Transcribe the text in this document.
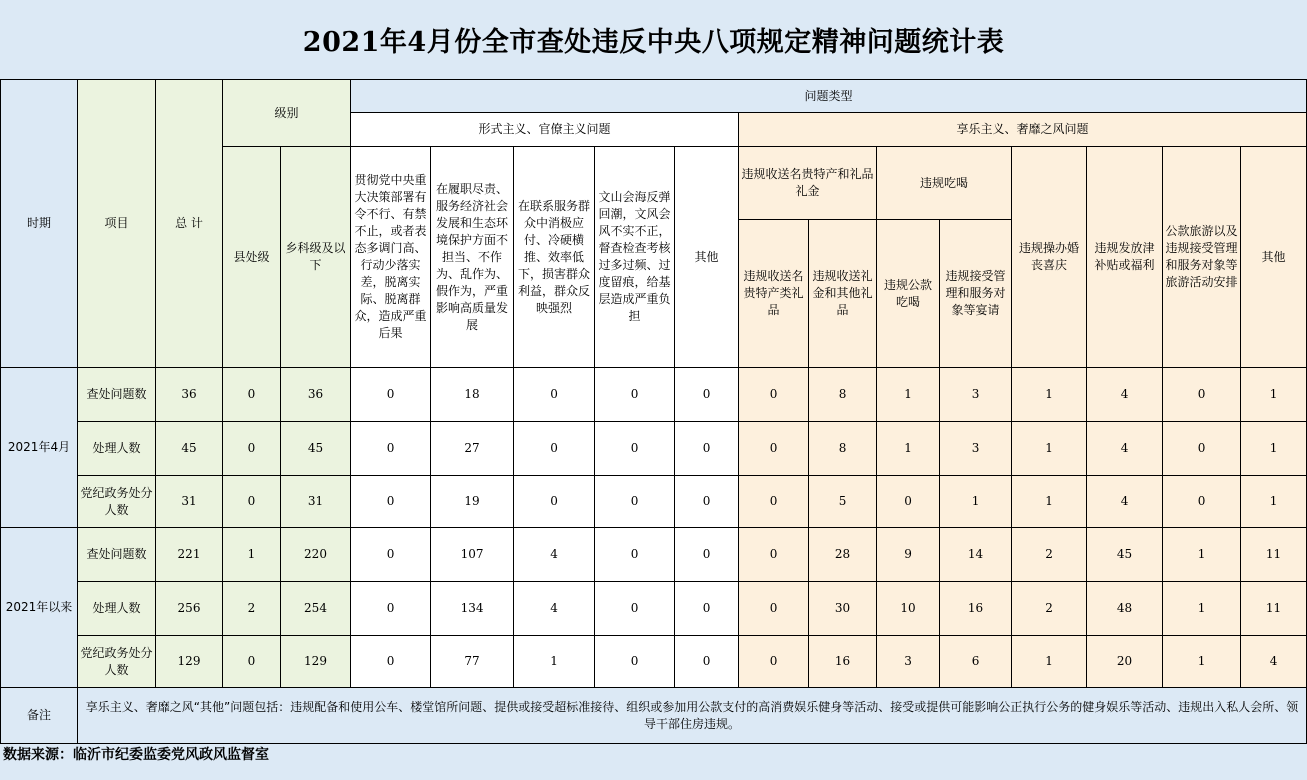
2021年4月份全市查处违反中央八项规定精神问题统计表
时期	项目	总 计	级别		问题类型												
					形式主义、官僚主义问题					享乐主义、奢靡之风问题							
			县处级	乡科级及以下	贯彻党中央重大决策部署有令不行、有禁不止，或者表态多调门高、行动少落实差，脱离实际、脱离群众，造成严重后果	在履职尽责、服务经济社会发展和生态环境保护方面不担当、不作为、乱作为、假作为，严重影响高质量发展	在联系服务群众中消极应付、冷硬横推、效率低下，损害群众利益，群众反映强烈	文山会海反弹回潮，文风会风不实不正，督查检查考核过多过频、过度留痕，给基层造成严重负担	其他	违规收送名贵特产和礼品礼金		违规吃喝		违规操办婚丧喜庆	违规发放津补贴或福利	公款旅游以及违规接受管理和服务对象等旅游活动安排	其他
										违规收送名贵特产类礼品	违规收送礼金和其他礼品	违规公款吃喝	违规接受管理和服务对象等宴请				
2021年4月	查处问题数	36	0	36	0	18	0	0	0	0	8	1	3	1	4	0	1
	处理人数	45	0	45	0	27	0	0	0	0	8	1	3	1	4	0	1
	党纪政务处分人数	31	0	31	0	19	0	0	0	0	5	0	1	1	4	0	1
2021年以来	查处问题数	221	1	220	0	107	4	0	0	0	28	9	14	2	45	1	11
	处理人数	256	2	254	0	134	4	0	0	0	30	10	16	2	48	1	11
	党纪政务处分人数	129	0	129	0	77	1	0	0	0	16	3	6	1	20	1	4
备注	享乐主义、奢靡之风“其他”问题包括：违规配备和使用公车、楼堂馆所问题、提供或接受超标准接待、组织或参加用公款支付的高消费娱乐健身等活动、接受或提供可能影响公正执行公务的健身娱乐等活动、违规出入私人会所、领导干部住房违规。																
数据来源：临沂市纪委监委党风政风监督室
